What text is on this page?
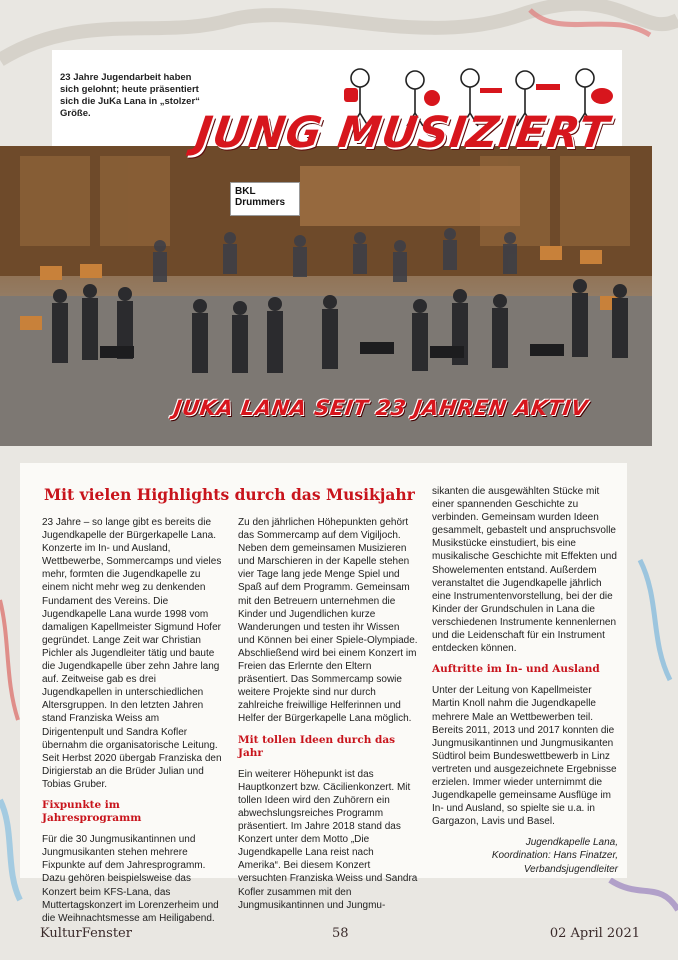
BKL Drummers
23 Jahre Jugendarbeit haben sich gelohnt; heute präsentiert sich die JuKa Lana in „stolzer“ Größe.	JUNG MUSIZIERT
JUKA LANA SEIT 23 JAHREN AKTIV
Mit vielen Highlights durch das Musikjahr

23 Jahre – so lange gibt es bereits die Jugendkapelle der Bürgerkapelle Lana. Konzerte im In- und Ausland, Wettbewerbe, Sommercamps und vieles mehr, formten die Jugendkapelle zu einem nicht mehr weg zu denkenden Fundament des Vereins. Die Jugendkapelle Lana wurde 1998 vom damaligen Kapellmeister Sigmund Hofer gegründet. Lange Zeit war Christian Pichler als Jugendleiter tätig und baute die Jugendkapelle über zehn Jahre lang auf. Zeitweise gab es drei Jugendkapellen in unterschiedlichen Altersgruppen. In den letzten Jahren stand Franziska Weiss am Dirigentenpult und Sandra Kofler übernahm die organisatorische Leitung. Seit Herbst 2020 übergab Franziska den Dirigierstab an die Brüder Julian und Tobias Gruber.

Fixpunkte im Jahresprogramm

Für die 30 Jungmusikantinnen und Jungmusikanten stehen mehrere Fixpunkte auf dem Jahresprogramm. Dazu gehören beispielsweise das Konzert beim KFS-Lana, das Muttertagskonzert im Lorenzerheim und die Weihnachtsmesse am Heiligabend.

Zu den jährlichen Höhepunkten gehört das Sommercamp auf dem Vigiljoch. Neben dem gemeinsamen Musizieren und Marschieren in der Kapelle stehen vier Tage lang jede Menge Spiel und Spaß auf dem Programm. Gemeinsam mit den Betreuern unternehmen die Kinder und Jugendlichen kurze Wanderungen und testen ihr Wissen und Können bei einer Spiele-Olympiade. Abschließend wird bei einem Konzert im Freien das Erlernte den Eltern präsentiert. Das Sommercamp sowie weitere Projekte sind nur durch zahlreiche freiwillige Helferinnen und Helfer der Bürgerkapelle Lana möglich.

Mit tollen Ideen durch das Jahr

Ein weiterer Höhepunkt ist das Hauptkonzert bzw. Cäcilienkonzert. Mit tollen Ideen wird den Zuhörern ein abwechslungsreiches Programm präsentiert. Im Jahre 2018 stand das Konzert unter dem Motto „Die Jugendkapelle Lana reist nach Amerika“. Bei diesem Konzert versuchten Franziska Weiss und Sandra Kofler zusammen mit den Jungmusikantinnen und Jungmu-

sikanten die ausgewählten Stücke mit einer spannenden Geschichte zu verbinden. Gemeinsam wurden Ideen gesammelt, gebastelt und anspruchsvolle Musikstücke einstudiert, bis eine musikalische Geschichte mit Effekten und Showelementen entstand. Außerdem veranstaltet die Jugendkapelle jährlich eine Instrumentenvorstellung, bei der die Kinder der Grundschulen in Lana die verschiedenen Instrumente kennenlernen und die Leidenschaft für ein Instrument entdecken können.

Auftritte im In- und Ausland

Unter der Leitung von Kapellmeister Martin Knoll nahm die Jugendkapelle mehrere Male an Wettbewerben teil. Bereits 2011, 2013 und 2017 konnten die Jungmusikantinnen und Jungmusikanten Südtirol beim Bundeswettbewerb in Linz vertreten und ausgezeichnete Ergebnisse erzielen. Immer wieder unternimmt die Jugendkapelle gemeinsame Ausflüge im In- und Ausland, so spielte sie u.a. in Gargazon, Lavis und Basel.

Jugendkapelle Lana,
Koordination: Hans Finatzer,
Verbandsjugendleiter
KulturFenster	58	02 April 2021
